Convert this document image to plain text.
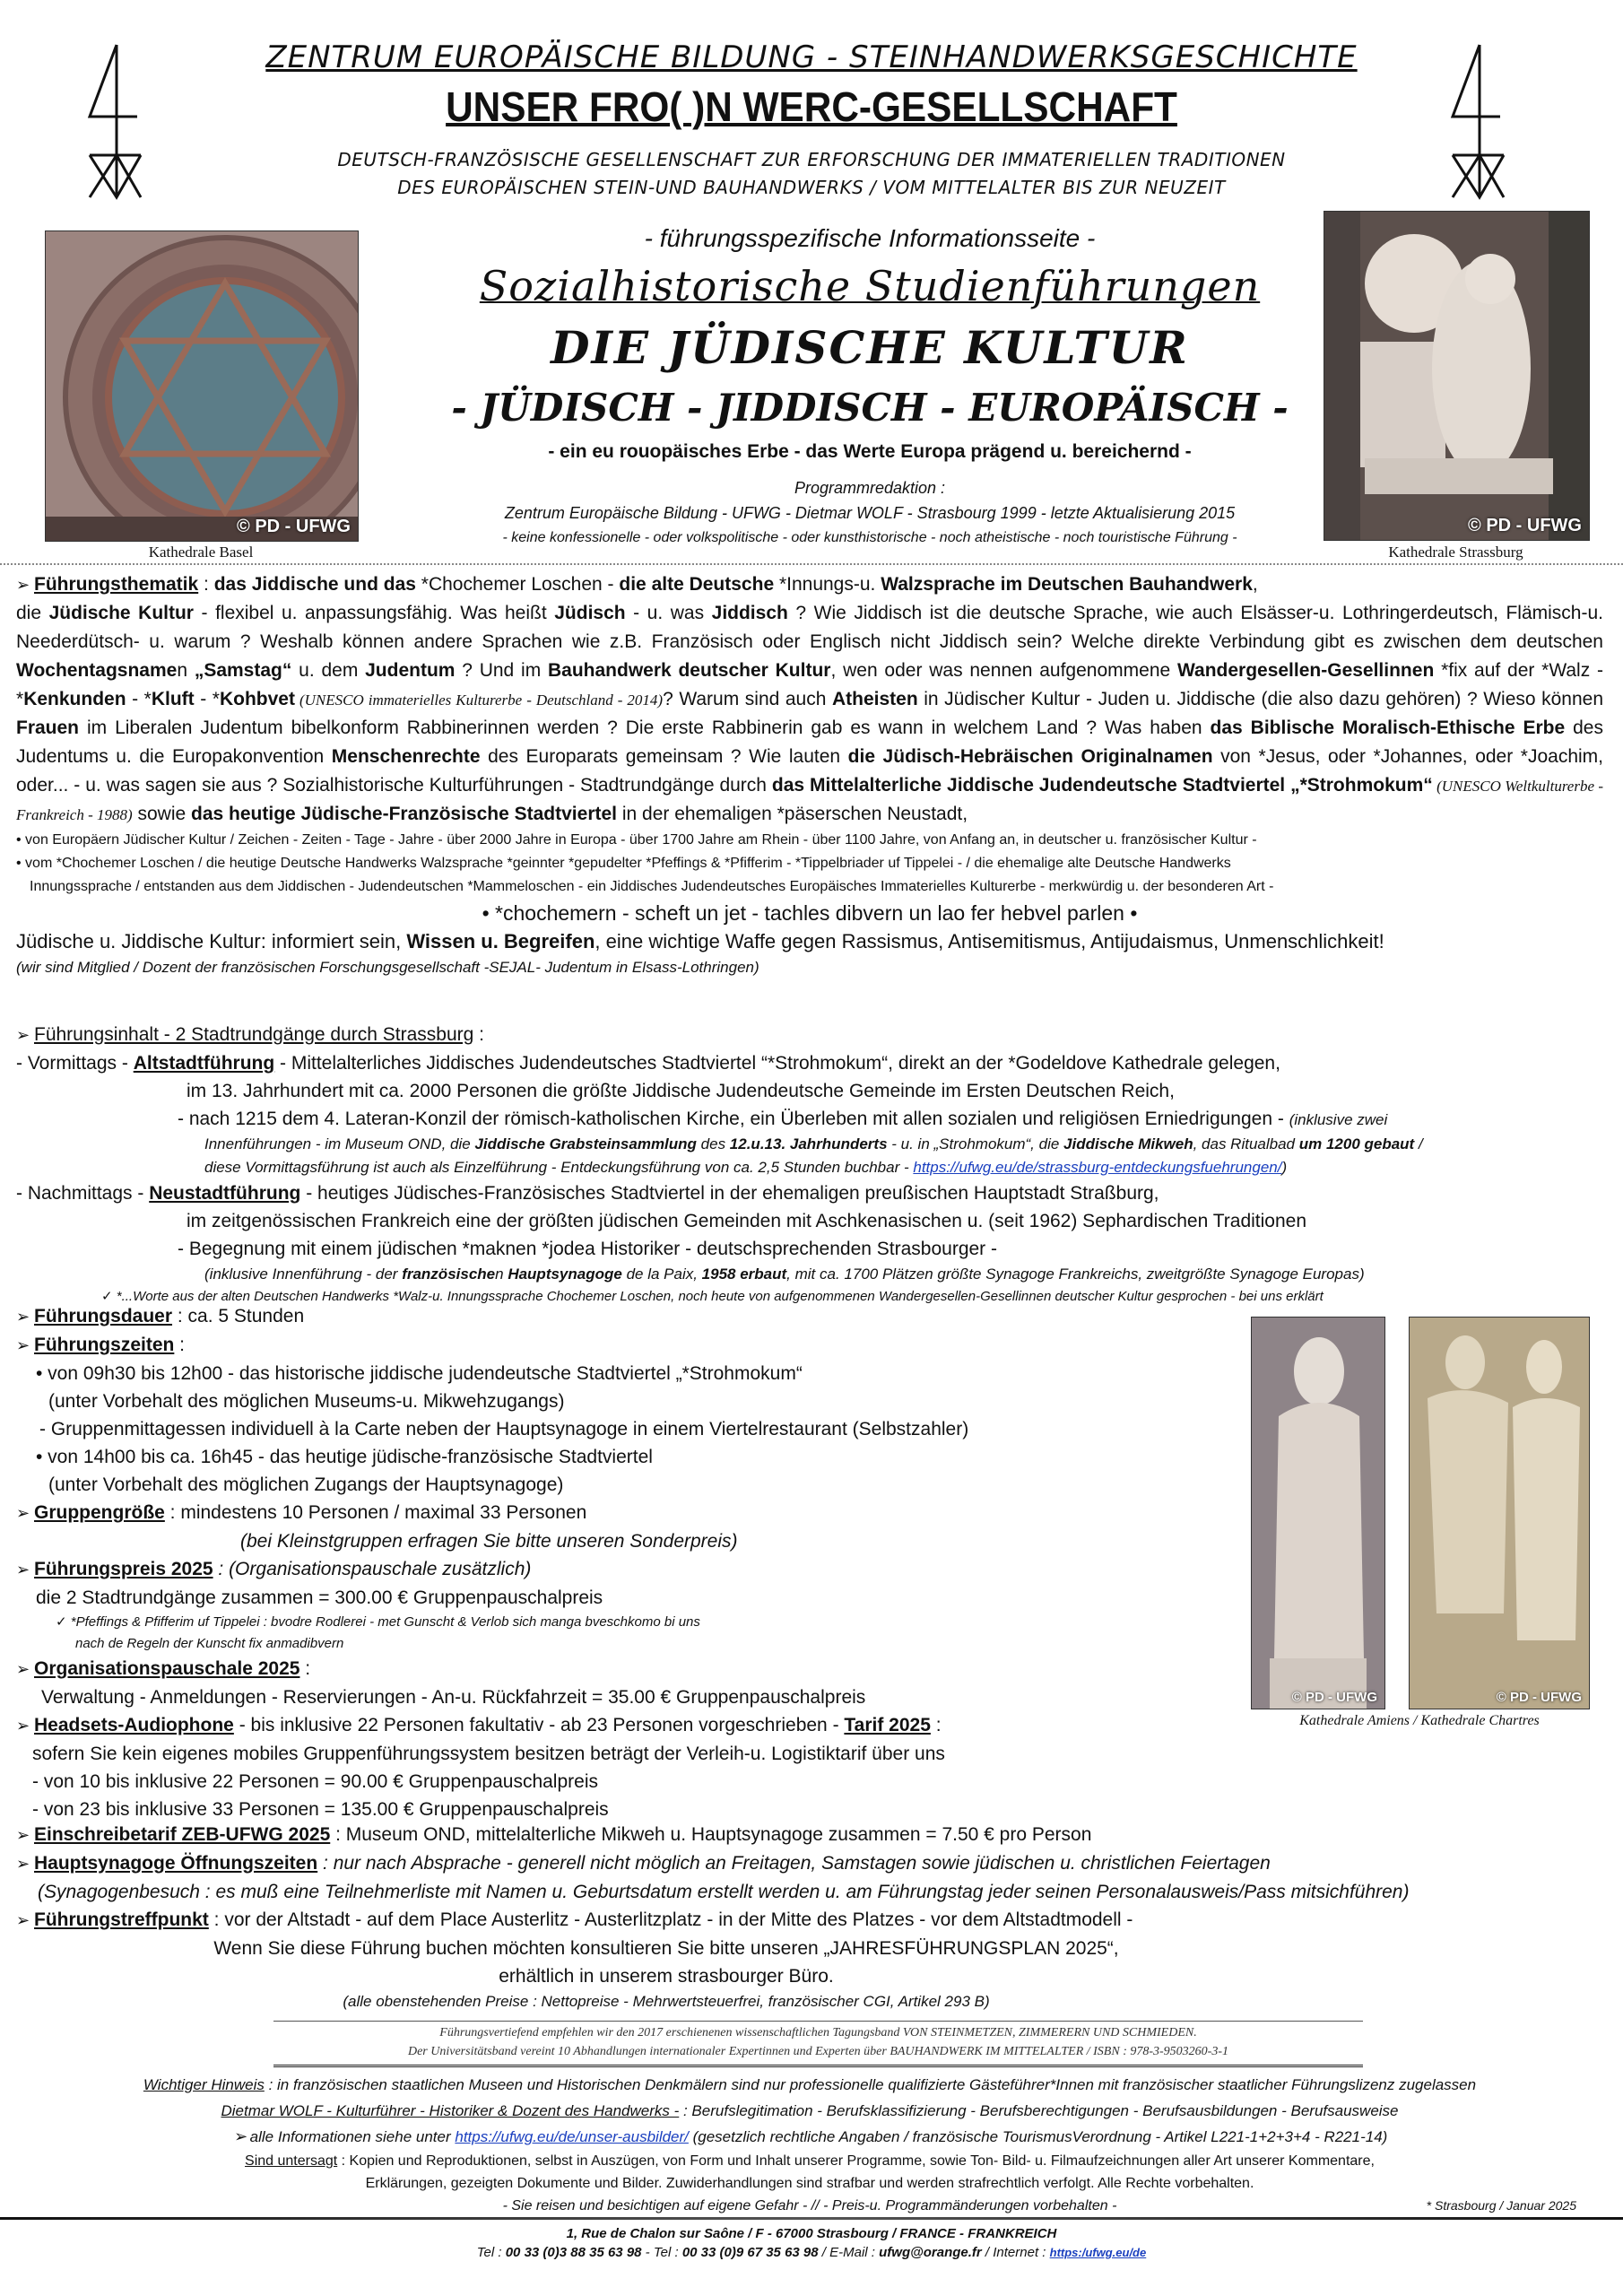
ZENTRUM EUROPÄISCHE BILDUNG - STEINHANDWERKSGESCHICHTE
UNSER FRO( )N WERC-GESELLSCHAFT
DEUTSCH-FRANZÖSISCHE GESELLENSCHAFT ZUR ERFORSCHUNG DER IMMATERIELLEN TRADITIONEN
DES EUROPÄISCHEN STEIN-UND BAUHANDWERKS / VOM MITTELALTER BIS ZUR NEUZEIT
© PD - UFWG
Kathedrale Basel
© PD - UFWG
Kathedrale Strassburg
- führungsspezifische Informationsseite -
Sozialhistorische Studienführungen
DIE JÜDISCHE KULTUR
- JÜDISCH - JIDDISCH - EUROPÄISCH -
- ein eu rouopäisches Erbe - das Werte Europa prägend u. bereichernd -
Programmredaktion :
Zentrum Europäische Bildung - UFWG - Dietmar WOLF - Strasbourg 1999 - letzte Aktualisierung 2015
- keine konfessionelle - oder volkspolitische - oder kunsthistorische - noch atheistische - noch touristische Führung -
➢ Führungsthematik : das Jiddische und das *Chochemer Loschen - die alte Deutsche *Innungs-u. Walzsprache im Deutschen Bauhandwerk,
die Jüdische Kultur - flexibel u. anpassungsfähig. Was heißt Jüdisch - u. was Jiddisch ? Wie Jiddisch ist die deutsche Sprache, wie auch Elsässer-u. Lothringerdeutsch, Flämisch-u. Neederdütsch- u. warum ? Weshalb können andere Sprachen wie z.B. Französisch oder Englisch nicht Jiddisch sein? Welche direkte Verbindung gibt es zwischen dem deutschen Wochentagsnamen „Samstag“ u. dem Judentum ? Und im Bauhandwerk deutscher Kultur, wen oder was nennen aufgenommene Wandergesellen-Gesellinnen *fix auf der *Walz - *Kenkunden - *Kluft - *Kohbvet (UNESCO immaterielles Kulturerbe - Deutschland - 2014)? Warum sind auch Atheisten in Jüdischer Kultur - Juden u. Jiddische (die also dazu gehören) ? Wieso können Frauen im Liberalen Judentum bibelkonform Rabbinerinnen werden ? Die erste Rabbinerin gab es wann in welchem Land ? Was haben das Biblische Moralisch-Ethische Erbe des Judentums u. die Europakonvention Menschenrechte des Europarats gemeinsam ? Wie lauten die Jüdisch-Hebräischen Originalnamen von *Jesus, oder *Johannes, oder *Joachim, oder... - u. was sagen sie aus ? Sozialhistorische Kulturführungen - Stadtrundgänge durch das Mittelalterliche Jiddische Judendeutsche Stadtviertel „*Strohmokum“ (UNESCO Weltkulturerbe - Frankreich - 1988) sowie das heutige Jüdische-Französische Stadtviertel in der ehemaligen *päserschen Neustadt,
• von Europäern Jüdischer Kultur / Zeichen - Zeiten - Tage - Jahre - über 2000 Jahre in Europa - über 1700 Jahre am Rhein - über 1100 Jahre, von Anfang an, in deutscher u. französischer Kultur -
• vom *Chochemer Loschen / die heutige Deutsche Handwerks Walzsprache *geinnter *gepudelter *Pfeffings & *Pfifferim - *Tippelbriader uf Tippelei - / die ehemalige alte Deutsche Handwerks
Innungssprache / entstanden aus dem Jiddischen - Judendeutschen *Mammeloschen - ein Jiddisches Judendeutsches Europäisches Immaterielles Kulturerbe - merkwürdig u. der besonderen Art -
• *chochemern - scheft un jet - tachles dibvern un lao fer hebvel parlen •
Jüdische u. Jiddische Kultur: informiert sein, Wissen u. Begreifen, eine wichtige Waffe gegen Rassismus, Antisemitismus, Antijudaismus, Unmenschlichkeit!
(wir sind Mitglied / Dozent der französischen Forschungsgesellschaft -SEJAL- Judentum in Elsass-Lothringen)
➢ Führungsinhalt - 2 Stadtrundgänge durch Strassburg :
- Vormittags - Altstadtführung - Mittelalterliches Jiddisches Judendeutsches Stadtviertel “*Strohmokum“, direkt an der *Godeldove Kathedrale gelegen,
im 13. Jahrhundert mit ca. 2000 Personen die größte Jiddische Judendeutsche Gemeinde im Ersten Deutschen Reich,
- nach 1215 dem 4. Lateran-Konzil der römisch-katholischen Kirche, ein Überleben mit allen sozialen und religiösen Erniedrigungen - (inklusive zwei
Innenführungen - im Museum OND, die Jiddische Grabsteinsammlung des 12.u.13. Jahrhunderts - u. in „Strohmokum“, die Jiddische Mikweh, das Ritualbad um 1200 gebaut /
diese Vormittagsführung ist auch als Einzelführung - Entdeckungsführung von ca. 2,5 Stunden buchbar - https://ufwg.eu/de/strassburg-entdeckungsfuehrungen/)
- Nachmittags - Neustadtführung - heutiges Jüdisches-Französisches Stadtviertel in der ehemaligen preußischen Hauptstadt Straßburg,
im zeitgenössischen Frankreich eine der größten jüdischen Gemeinden mit Aschkenasischen u. (seit 1962) Sephardischen Traditionen
- Begegnung mit einem jüdischen *maknen *jodea Historiker - deutschsprechenden Strasbourger -
(inklusive Innenführung - der französischen Hauptsynagoge de la Paix, 1958 erbaut, mit ca. 1700 Plätzen größte Synagoge Frankreichs, zweitgrößte Synagoge Europas)
✓ *...Worte aus der alten Deutschen Handwerks *Walz-u. Innungssprache Chochemer Loschen, noch heute von aufgenommenen Wandergesellen-Gesellinnen deutscher Kultur gesprochen - bei uns erklärt
© PD - UFWG	© PD - UFWG
Kathedrale Amiens / Kathedrale Chartres
➢ Führungsdauer : ca. 5 Stunden
➢ Führungszeiten :
• von 09h30 bis 12h00 - das historische jiddische judendeutsche Stadtviertel „*Strohmokum“
(unter Vorbehalt des möglichen Museums-u. Mikwehzugangs)
- Gruppenmittagessen individuell à la Carte neben der Hauptsynagoge in einem Viertelrestaurant (Selbstzahler)
• von 14h00 bis ca. 16h45 - das heutige jüdische-französische Stadtviertel
(unter Vorbehalt des möglichen Zugangs der Hauptsynagoge)
➢ Gruppengröße : mindestens 10 Personen / maximal 33 Personen
(bei Kleinstgruppen erfragen Sie bitte unseren Sonderpreis)
➢ Führungspreis 2025 : (Organisationspauschale zusätzlich)
die 2 Stadtrundgänge zusammen = 300.00 € Gruppenpauschalpreis
✓ *Pfeffings & Pfifferim uf Tippelei : bvodre Rodlerei - met Gunscht & Verlob sich manga bveschkomo bi uns
nach de Regeln der Kunscht fix anmadibvern
➢ Organisationspauschale 2025 :
Verwaltung - Anmeldungen - Reservierungen - An-u. Rückfahrzeit = 35.00 € Gruppenpauschalpreis
➢ Headsets-Audiophone - bis inklusive 22 Personen fakultativ - ab 23 Personen vorgeschrieben - Tarif 2025 :
sofern Sie kein eigenes mobiles Gruppenführungssystem besitzen beträgt der Verleih-u. Logistiktarif über uns
- von 10 bis inklusive 22 Personen = 90.00 € Gruppenpauschalpreis
- von 23 bis inklusive 33 Personen = 135.00 € Gruppenpauschalpreis
➢ Einschreibetarif ZEB-UFWG 2025 : Museum OND, mittelalterliche Mikweh u. Hauptsynagoge zusammen = 7.50 € pro Person
➢ Hauptsynagoge Öffnungszeiten : nur nach Absprache - generell nicht möglich an Freitagen, Samstagen sowie jüdischen u. christlichen Feiertagen
(Synagogenbesuch : es muß eine Teilnehmerliste mit Namen u. Geburtsdatum erstellt werden u. am Führungstag jeder seinen Personalausweis/Pass mitsichführen)
➢ Führungstreffpunkt : vor der Altstadt - auf dem Place Austerlitz - Austerlitzplatz - in der Mitte des Platzes - vor dem Altstadtmodell -
Wenn Sie diese Führung buchen möchten konsultieren Sie bitte unseren „JAHRESFÜHRUNGSPLAN 2025“,
erhältlich in unserem strasbourger Büro.
(alle obenstehenden Preise : Nettopreise - Mehrwertsteuerfrei, französischer CGI, Artikel 293 B)
Führungsvertiefend empfehlen wir den 2017 erschienenen wissenschaftlichen Tagungsband VON STEINMETZEN, ZIMMERERN UND SCHMIEDEN.
Der Universitätsband vereint 10 Abhandlungen internationaler Expertinnen und Experten über BAUHANDWERK IM MITTELALTER / ISBN : 978-3-9503260-3-1
Wichtiger Hinweis : in französischen staatlichen Museen und Historischen Denkmälern sind nur professionelle qualifizierte Gästeführer*Innen mit französischer staatlicher Führungslizenz zugelassen
Dietmar WOLF - Kulturführer - Historiker & Dozent des Handwerks - : Berufslegitimation - Berufsklassifizierung - Berufsberechtigungen - Berufsausbildungen - Berufsausweise
➢ alle Informationen siehe unter https://ufwg.eu/de/unser-ausbilder/ (gesetzlich rechtliche Angaben / französische TourismusVerordnung - Artikel L221-1+2+3+4 - R221-14)
Sind untersagt : Kopien und Reproduktionen, selbst in Auszügen, von Form und Inhalt unserer Programme, sowie Ton- Bild- u. Filmaufzeichnungen aller Art unserer Kommentare,
Erklärungen, gezeigten Dokumente und Bilder. Zuwiderhandlungen sind strafbar und werden strafrechtlich verfolgt. Alle Rechte vorbehalten.
- Sie reisen und besichtigen auf eigene Gefahr - // - Preis-u. Programmänderungen vorbehalten -	* Strasbourg / Januar 2025
1, Rue de Chalon sur Saône / F - 67000 Strasbourg / FRANCE - FRANKREICH
Tel : 00 33 (0)3 88 35 63 98 - Tel : 00 33 (0)9 67 35 63 98 / E-Mail : ufwg@orange.fr / Internet : https:/ufwg.eu/de
